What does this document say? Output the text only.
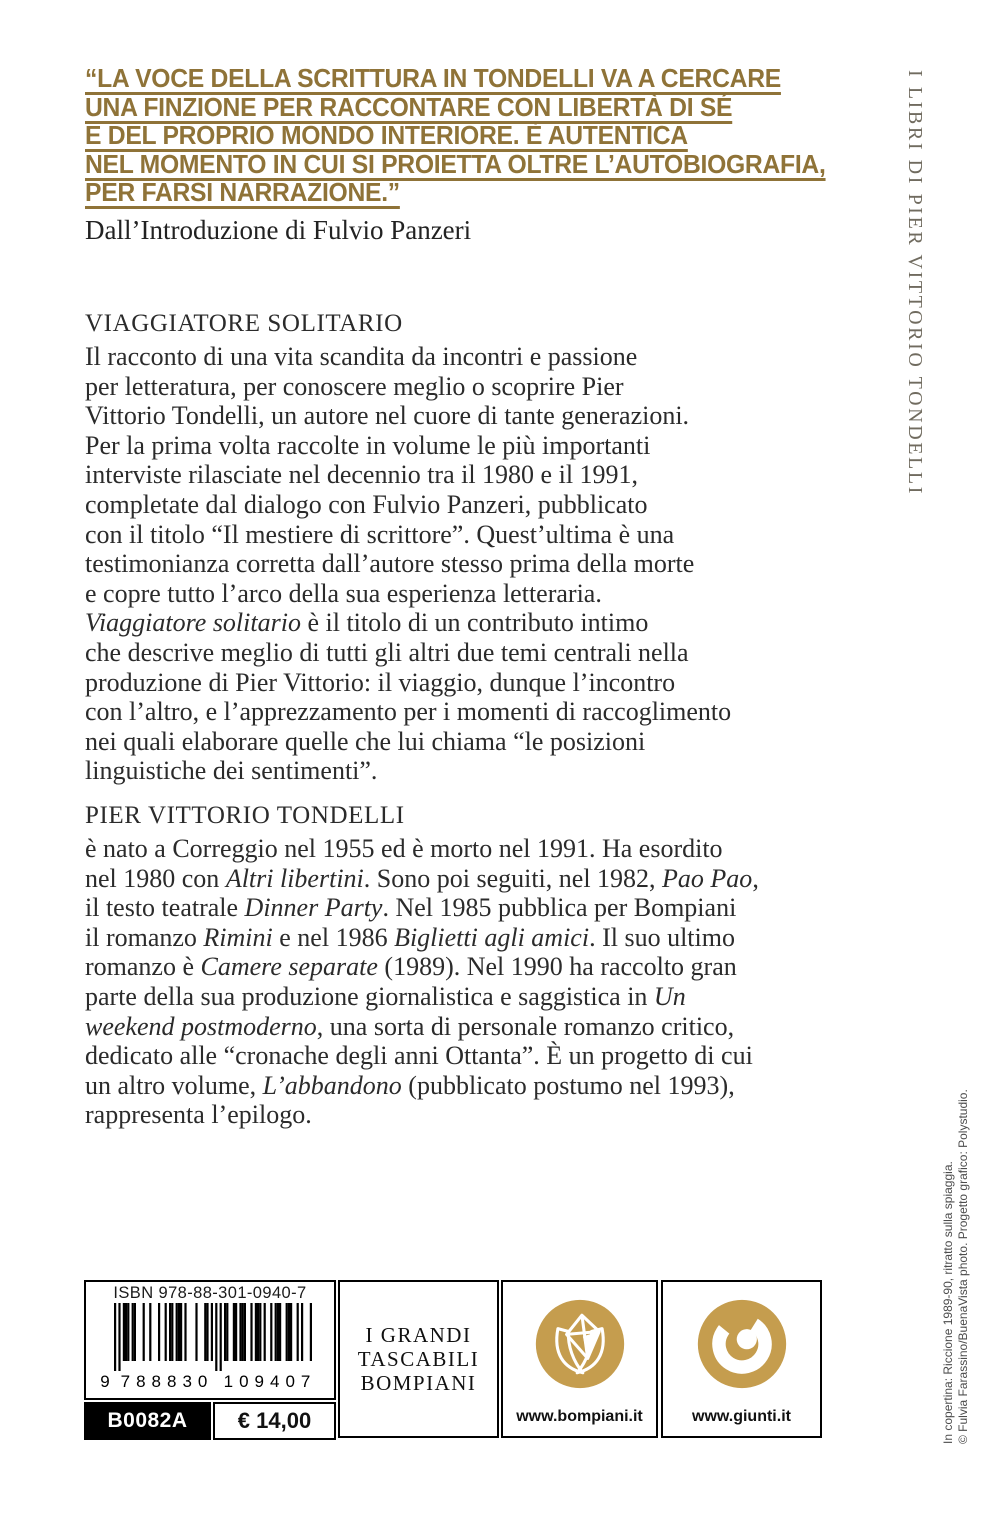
I LIBRI DI PIER VITTORIO TONDELLI
“LA VOCE DELLA SCRITTURA IN TONDELLI VA A CERCARE
UNA FINZIONE PER RACCONTARE CON LIBERTÀ DI SÉ
E DEL PROPRIO MONDO INTERIORE. È AUTENTICA
NEL MOMENTO IN CUI SI PROIETTA OLTRE L’AUTOBIOGRAFIA,
PER FARSI NARRAZIONE.”
Dall’Introduzione di Fulvio Panzeri
VIAGGIATORE SOLITARIO
Il racconto di una vita scandita da incontri e passione
per letteratura, per conoscere meglio o scoprire Pier
Vittorio Tondelli, un autore nel cuore di tante generazioni.
Per la prima volta raccolte in volume le più importanti
interviste rilasciate nel decennio tra il 1980 e il 1991,
completate dal dialogo con Fulvio Panzeri, pubblicato
con il titolo “Il mestiere di scrittore”. Quest’ultima è una
testimonianza corretta dall’autore stesso prima della morte
e copre tutto l’arco della sua esperienza letteraria.
Viaggiatore solitario è il titolo di un contributo intimo
che descrive meglio di tutti gli altri due temi centrali nella
produzione di Pier Vittorio: il viaggio, dunque l’incontro
con l’altro, e l’apprezzamento per i momenti di raccoglimento
nei quali elaborare quelle che lui chiama “le posizioni
linguistiche dei sentimenti”.
PIER VITTORIO TONDELLI
è nato a Correggio nel 1955 ed è morto nel 1991. Ha esordito
nel 1980 con Altri libertini. Sono poi seguiti, nel 1982, Pao Pao,
il testo teatrale Dinner Party. Nel 1985 pubblica per Bompiani
il romanzo Rimini e nel 1986 Biglietti agli amici. Il suo ultimo
romanzo è Camere separate (1989). Nel 1990 ha raccolto gran
parte della sua produzione giornalistica e saggistica in Un
weekend postmoderno, una sorta di personale romanzo critico,
dedicato alle “cronache degli anni Ottanta”. È un progetto di cui
un altro volume, L’abbandono (pubblicato postumo nel 1993),
rappresenta l’epilogo.
In copertina: Riccione 1989-90, ritratto sulla spiaggia. © Fulvia Farassino/BuenaVista photo. Progetto grafico: Polystudio.
ISBN 978-88-301-0940-7
9 788830 109407
B0082A	€ 14,00
I GRANDI
TASCABILI
BOMPIANI
www.bompiani.it	www.giunti.it
